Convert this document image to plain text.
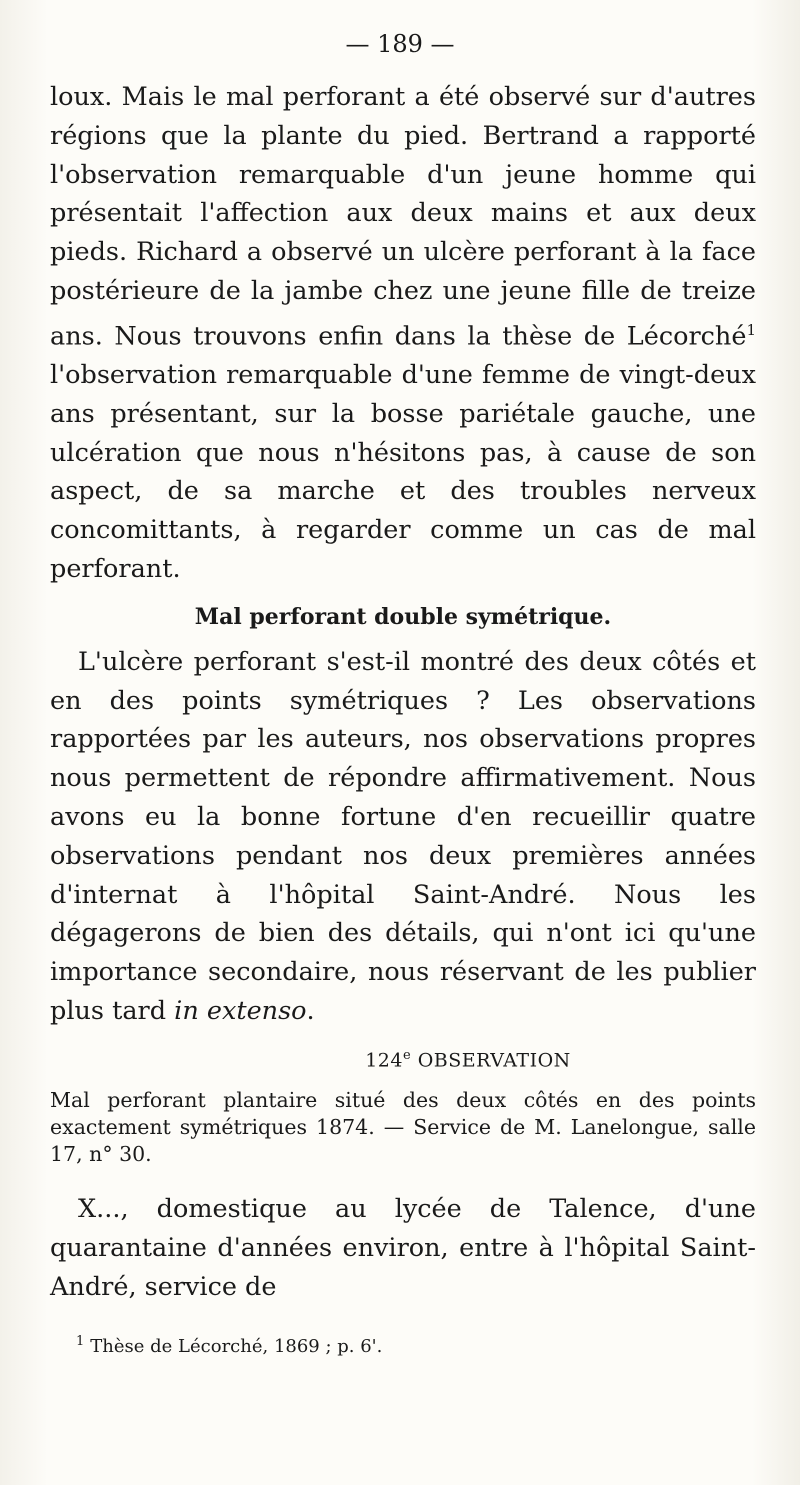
— 189 —

loux. Mais le mal perforant a été observé sur d'autres régions que la plante du pied. Bertrand a rapporté l'observation remarquable d'un jeune homme qui présentait l'affection aux deux mains et aux deux pieds. Richard a observé un ulcère perforant à la face postérieure de la jambe chez une jeune fille de treize ans. Nous trouvons enfin dans la thèse de Lécorché$^1$ l'observation remarquable d'une femme de vingt-deux ans présentant, sur la bosse pariétale gauche, une ulcération que nous n'hésitons pas, à cause de son aspect, de sa marche et des troubles nerveux concomittants, à regarder comme un cas de mal perforant.

Mal perforant double symétrique.

L'ulcère perforant s'est-il montré des deux côtés et en des points symétriques ? Les observations rapportées par les auteurs, nos observations propres nous permettent de répondre affirmativement. Nous avons eu la bonne fortune d'en recueillir quatre observations pendant nos deux premières années d'internat à l'hôpital Saint-André. Nous les dégagerons de bien des détails, qui n'ont ici qu'une importance secondaire, nous réservant de les publier plus tard in extenso.

124e OBSERVATION
Mal perforant plantaire situé des deux côtés en des points exactement symétriques 1874. — Service de M. Lanelongue, salle 17, n° 30.

X..., domestique au lycée de Talence, d'une quarantaine d'années environ, entre à l'hôpital Saint-André, service de

$^1$ Thèse de Lécorché, 1869 ; p. 6'.
